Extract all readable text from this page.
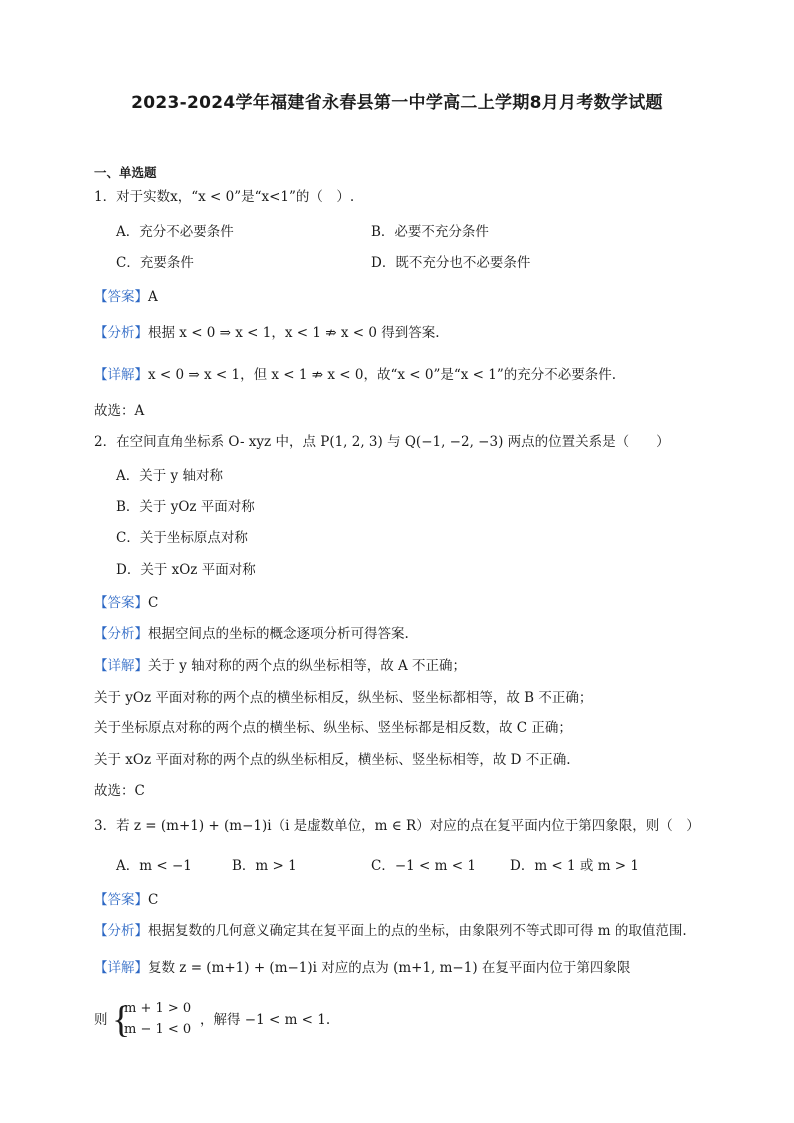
2023-2024学年福建省永春县第一中学高二上学期8月月考数学试题
一、单选题
1．对于实数x，“x < 0”是“x<1”的（　）.
A．充分不必要条件	B．必要不充分条件
C．充要条件	D．既不充分也不必要条件
【答案】A
【分析】根据 x < 0 ⇒ x < 1，x < 1 ⇏ x < 0 得到答案.
【详解】x < 0 ⇒ x < 1，但 x < 1 ⇏ x < 0，故“x < 0”是“x < 1”的充分不必要条件.
故选：A
2．在空间直角坐标系 O- xyz 中，点 P(1, 2, 3) 与 Q(−1, −2, −3) 两点的位置关系是（　　）
A．关于 y 轴对称
B．关于 yOz 平面对称
C．关于坐标原点对称
D．关于 xOz 平面对称
【答案】C
【分析】根据空间点的坐标的概念逐项分析可得答案.
【详解】关于 y 轴对称的两个点的纵坐标相等，故 A 不正确；
关于 yOz 平面对称的两个点的横坐标相反，纵坐标、竖坐标都相等，故 B 不正确；
关于坐标原点对称的两个点的横坐标、纵坐标、竖坐标都是相反数，故 C 正确；
关于 xOz 平面对称的两个点的纵坐标相反，横坐标、竖坐标相等，故 D 不正确.
故选：C
3．若 z = (m+1) + (m−1)i（i 是虚数单位，m ∈ R）对应的点在复平面内位于第四象限，则（　）
A．m < −1	B．m > 1	C．−1 < m < 1	D．m < 1 或 m > 1
【答案】C
【分析】根据复数的几何意义确定其在复平面上的点的坐标，由象限列不等式即可得 m 的取值范围.
【详解】复数 z = (m+1) + (m−1)i 对应的点为 (m+1, m−1) 在复平面内位于第四象限
则 {
m + 1 > 0
m − 1 < 0
，解得 −1 < m < 1.
